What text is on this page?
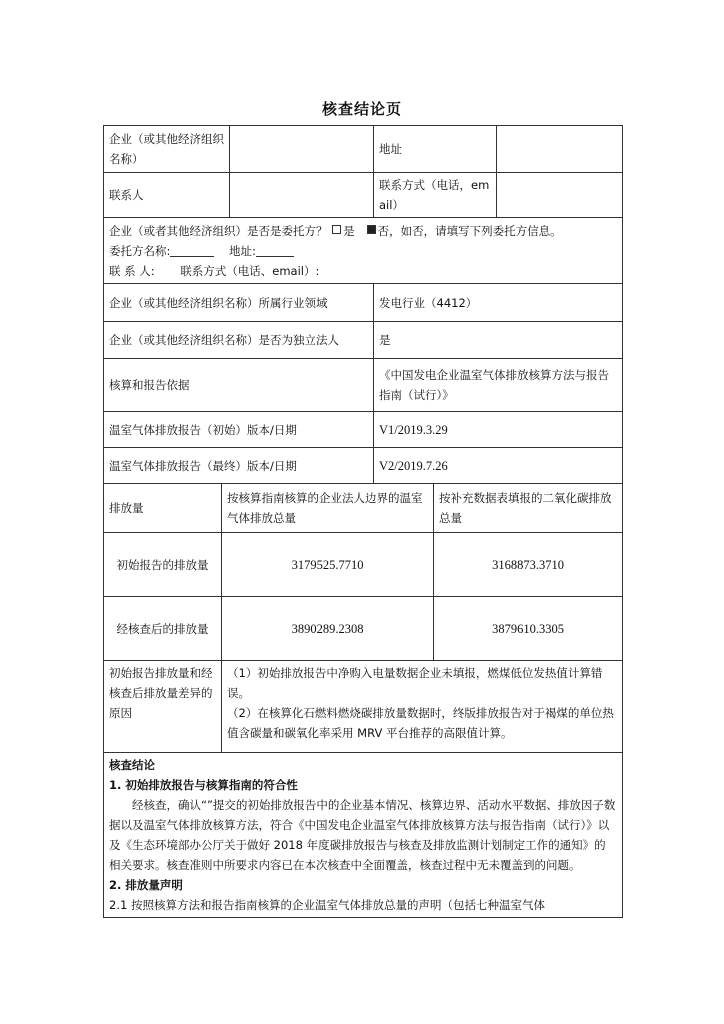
核查结论页
企业（或其他经济组织名称）			地址		
联系人			联系方式（电话，email）		

企业（或者其他经济组织）是否是委托方？ 是 否，如否，请填写下列委托方信息。
委托方名称: 地址:
联 系 人: 联系方式（电话、email）:					

企业（或其他经济组织名称）所属行业领域			发电行业（4412）		
企业（或其他经济组织名称）是否为独立法人			是		
核算和报告依据			《中国发电企业温室气体排放核算方法与报告指南（试行）》		
温室气体排放报告（初始）版本/日期			V1/2019.3.29		
温室气体排放报告（最终）版本/日期			V2/2019.7.26		
排放量	按核算指南核算的企业法人边界的温室气体排放总量			按补充数据表填报的二氧化碳排放总量	
初始报告的排放量	3179525.7710			3168873.3710	
经核查后的排放量	3890289.2308			3879610.3305	
初始报告排放量和经核查后排放量差异的原因	（1）初始排放报告中净购入电量数据企业未填报，燃煤低位发热值计算错误。
（2）在核算化石燃料燃烧碳排放量数据时，终版排放报告对于褐煤的单位热值含碳量和碳氧化率采用 MRV 平台推荐的高限值计算。				

核查结论
1. 初始排放报告与核算指南的符合性
经核查，确认“”提交的初始排放报告中的企业基本情况、核算边界、活动水平数据、排放因子数据以及温室气体排放核算方法，符合《中国发电企业温室气体排放核算方法与报告指南（试行）》以及《生态环境部办公厅关于做好 2018 年度碳排放报告与核查及排放监测计划制定工作的通知》的相关要求。核查准则中所要求内容已在本次核查中全面覆盖，核查过程中无未覆盖到的问题。
2. 排放量声明
2.1 按照核算方法和报告指南核算的企业温室气体排放总量的声明（包括七种温室气体					
